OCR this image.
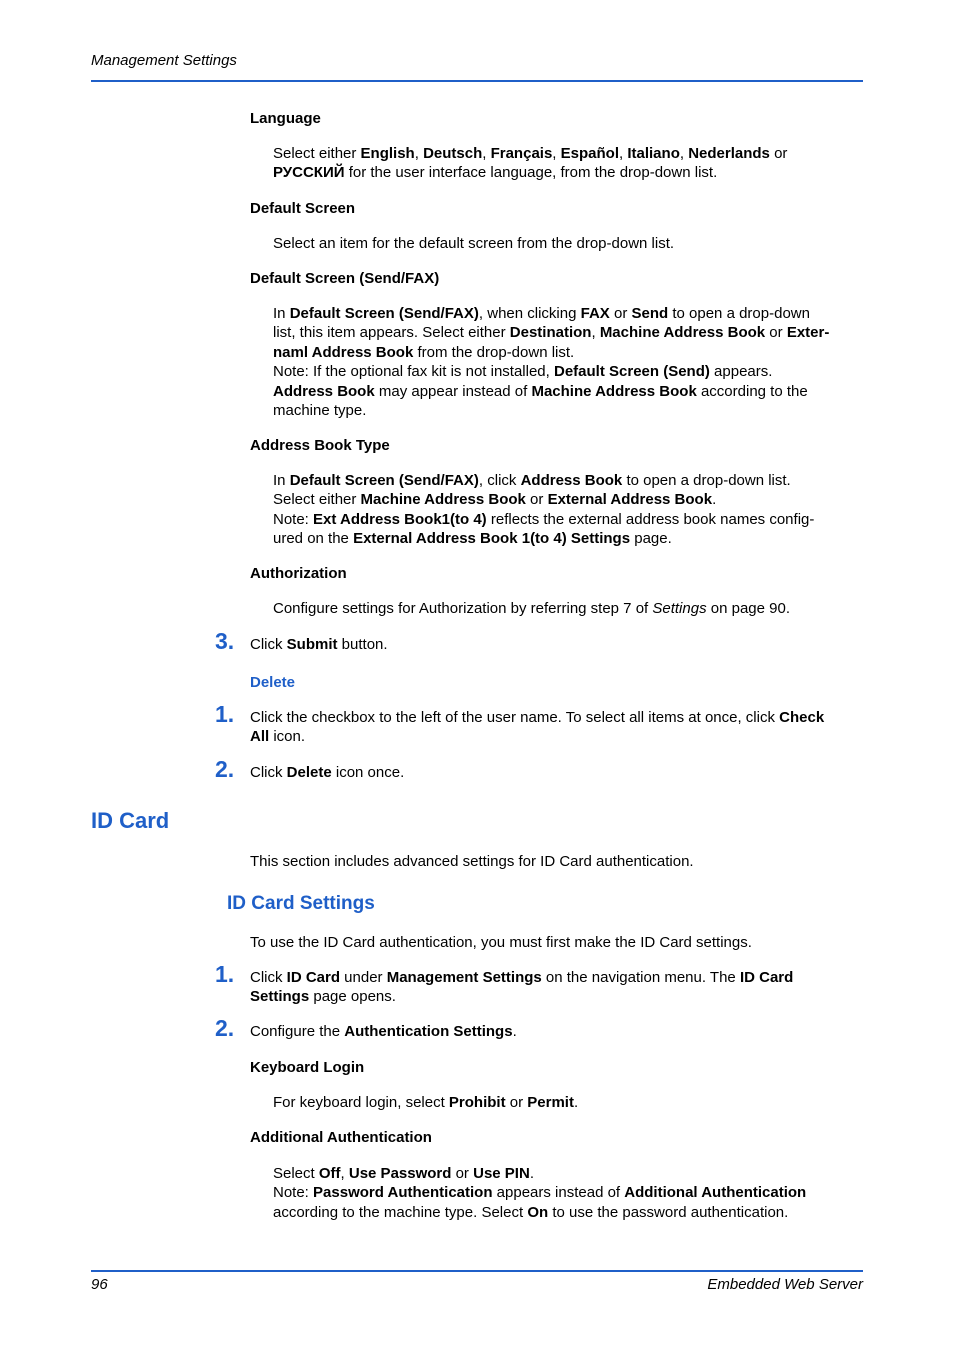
Management Settings
Language
Select either English, Deutsch, Français, Español, Italiano, Nederlands or
РУССКИЙ for the user interface language, from the drop-down list.
Default Screen
Select an item for the default screen from the drop-down list.
Default Screen (Send/FAX)
In Default Screen (Send/FAX), when clicking FAX or Send to open a drop-down
list, this item appears. Select either Destination, Machine Address Book or Exter-
naml Address Book from the drop-down list.
Note: If the optional fax kit is not installed, Default Screen (Send) appears.
Address Book may appear instead of Machine Address Book according to the
machine type.
Address Book Type
In Default Screen (Send/FAX), click Address Book to open a drop-down list.
Select either Machine Address Book or External Address Book.
Note: Ext Address Book1(to 4) reflects the external address book names config-
ured on the External Address Book 1(to 4) Settings page.
Authorization
Configure settings for Authorization by referring step 7 of Settings on page 90.
3. Click Submit button.
Delete
1. Click the checkbox to the left of the user name. To select all items at once, click Check
All icon.
2. Click Delete icon once.
ID Card
This section includes advanced settings for ID Card authentication.
ID Card Settings
To use the ID Card authentication, you must first make the ID Card settings.
1. Click ID Card under Management Settings on the navigation menu. The ID Card
Settings page opens.
2. Configure the Authentication Settings.
Keyboard Login
For keyboard login, select Prohibit or Permit.
Additional Authentication
Select Off, Use Password or Use PIN.
Note: Password Authentication appears instead of Additional Authentication
according to the machine type. Select On to use the password authentication.
96	Embedded Web Server
